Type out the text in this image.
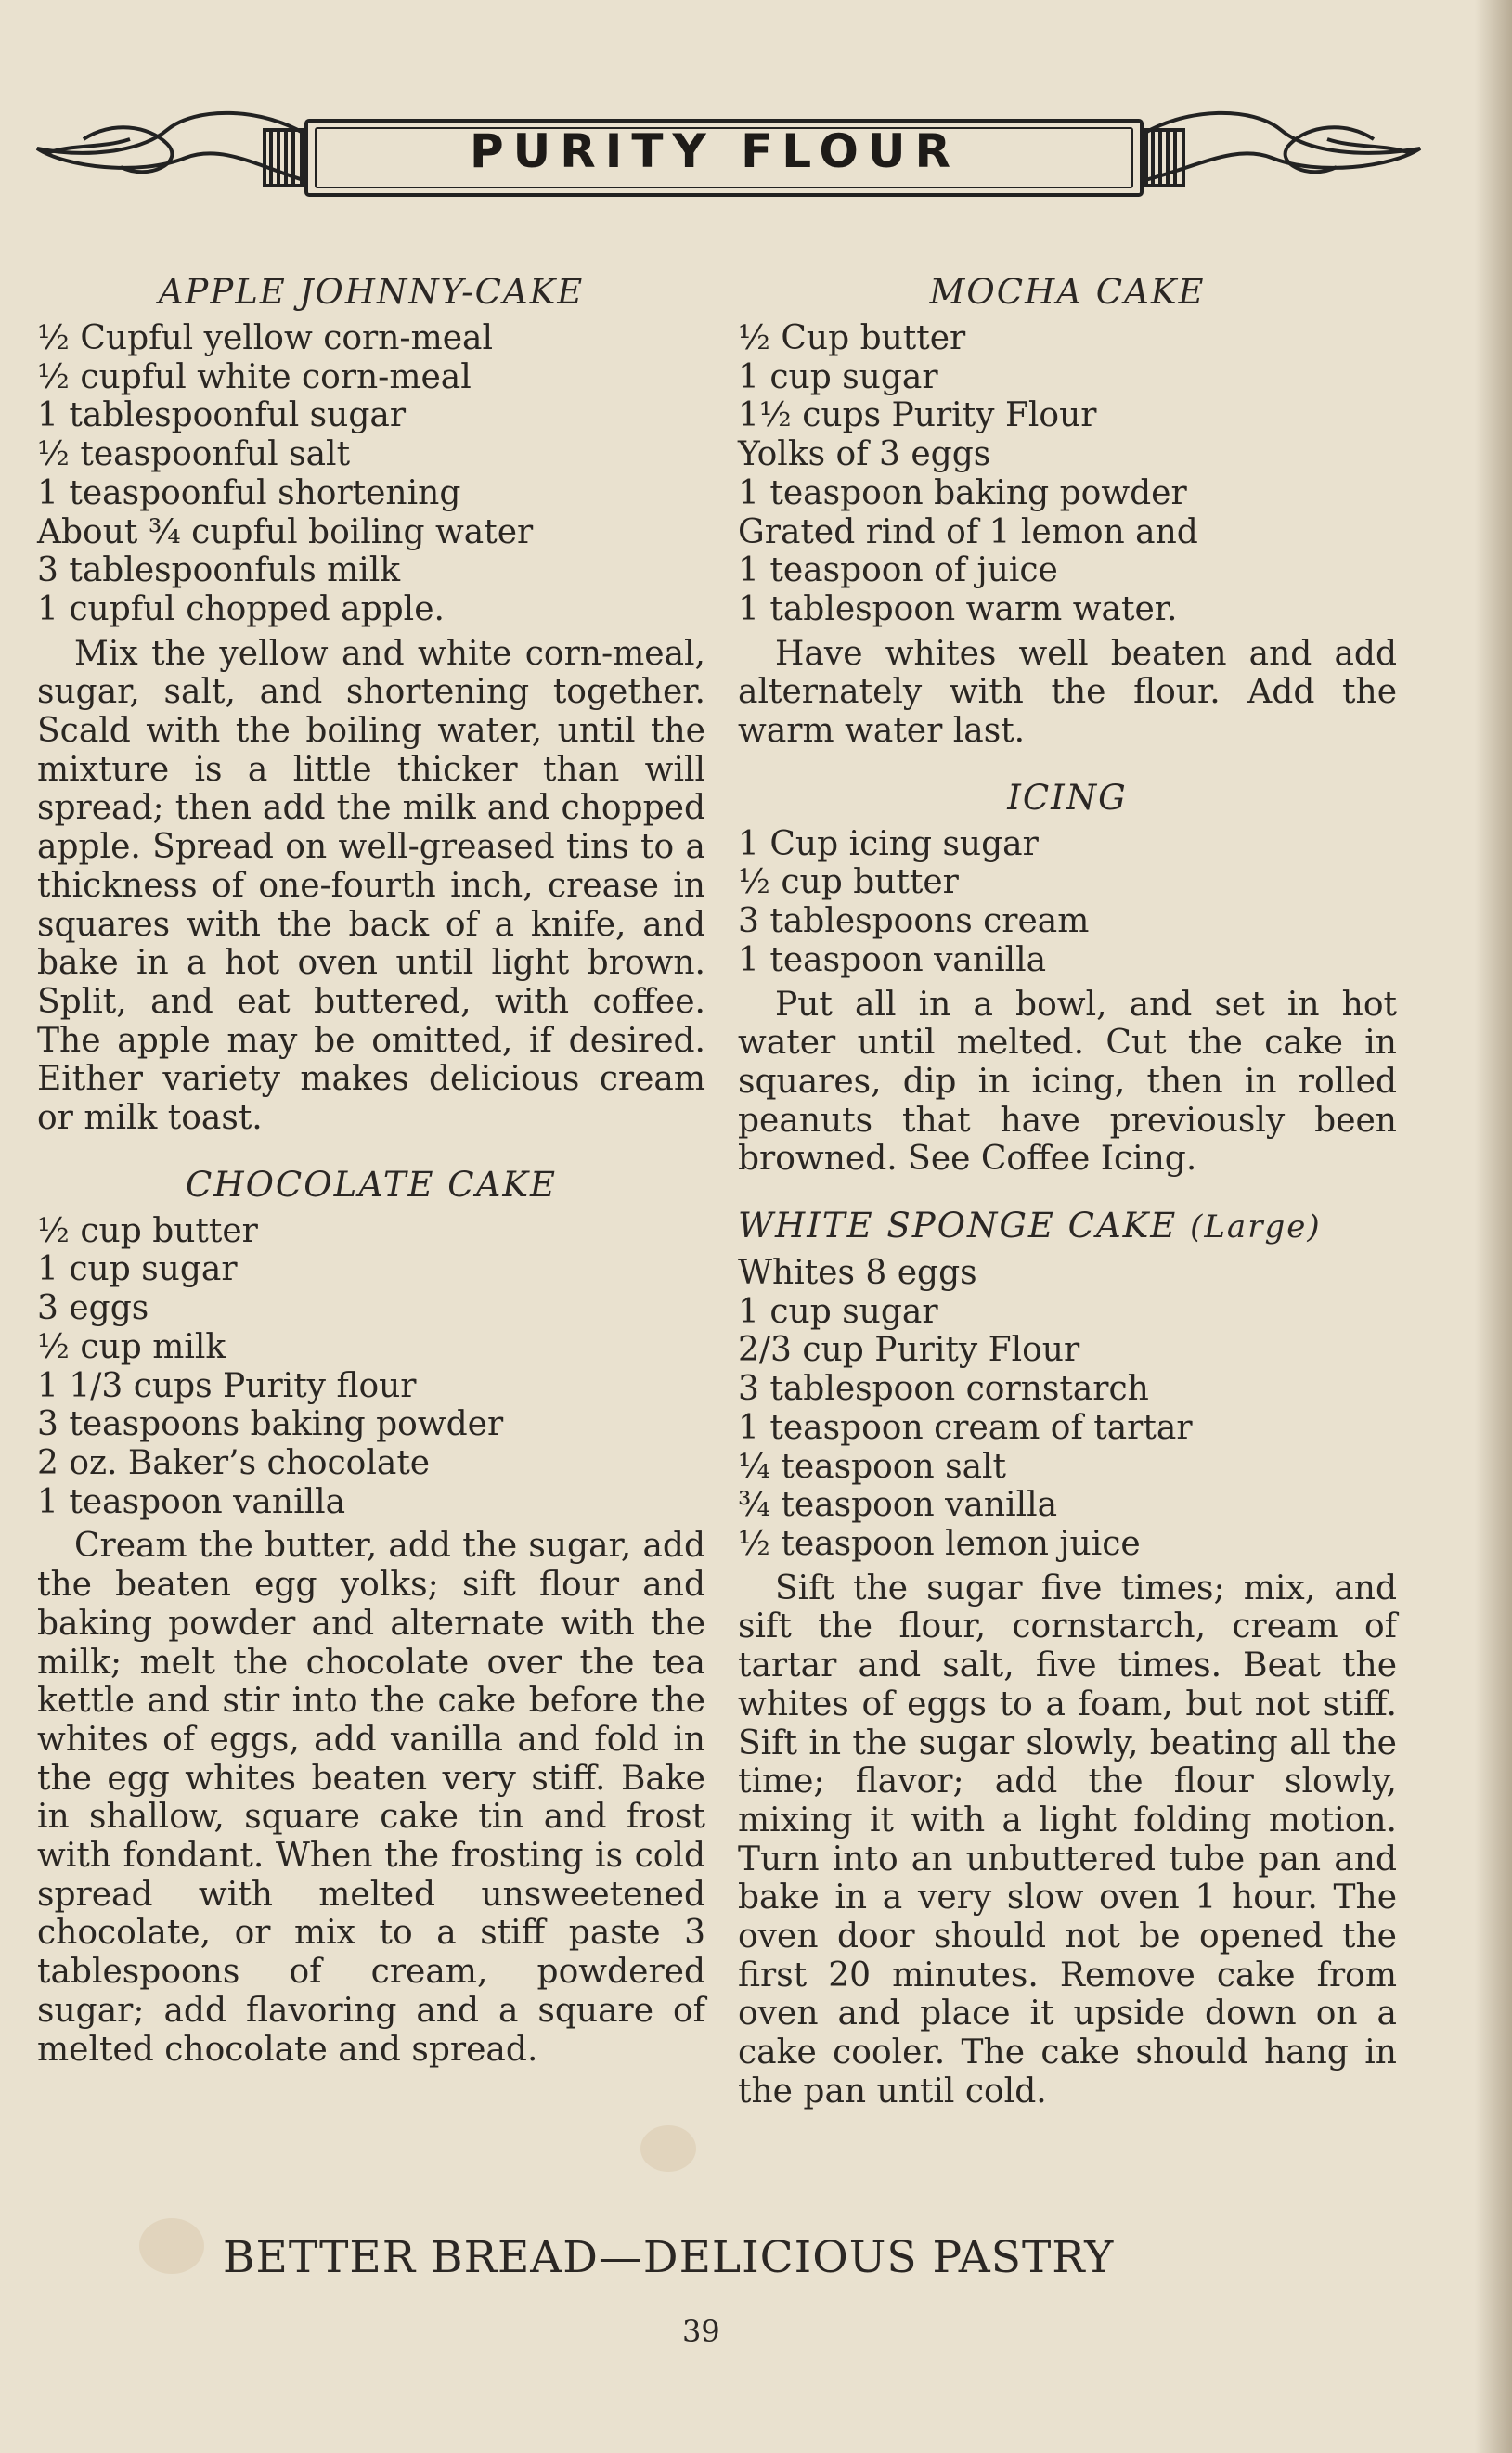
PURITY FLOUR
APPLE JOHNNY-CAKE
½ Cupful yellow corn-meal
½ cupful white corn-meal
1 tablespoonful sugar
½ teaspoonful salt
1 teaspoonful shortening
About ¾ cupful boiling water
3 tablespoonfuls milk
1 cupful chopped apple.

Mix the yellow and white corn-meal, sugar, salt, and shortening together. Scald with the boiling water, until the mixture is a little thicker than will spread; then add the milk and chopped apple. Spread on well-greased tins to a thickness of one-fourth inch, crease in squares with the back of a knife, and bake in a hot oven until light brown. Split, and eat buttered, with coffee. The apple may be omitted, if desired. Either variety makes delicious cream or milk toast.

CHOCOLATE CAKE
½ cup butter
1 cup sugar
3 eggs
½ cup milk
1 1/3 cups Purity flour
3 teaspoons baking powder
2 oz. Baker’s chocolate
1 teaspoon vanilla

Cream the butter, add the sugar, add the beaten egg yolks; sift flour and baking powder and alternate with the milk; melt the chocolate over the tea kettle and stir into the cake before the whites of eggs, add vanilla and fold in the egg whites beaten very stiff. Bake in shallow, square cake tin and frost with fondant. When the frosting is cold spread with melted unsweetened chocolate, or mix to a stiff paste 3 tablespoons of cream, powdered sugar; add flavoring and a square of melted chocolate and spread.

MOCHA CAKE
½ Cup butter
1 cup sugar
1½ cups Purity Flour
Yolks of 3 eggs
1 teaspoon baking powder
Grated rind of 1 lemon and
1 teaspoon of juice
1 tablespoon warm water.

Have whites well beaten and add alternately with the flour. Add the warm water last.

ICING
1 Cup icing sugar
½ cup butter
3 tablespoons cream
1 teaspoon vanilla

Put all in a bowl, and set in hot water until melted. Cut the cake in squares, dip in icing, then in rolled peanuts that have previously been browned. See Coffee Icing.

WHITE SPONGE CAKE (Large)
Whites 8 eggs
1 cup sugar
2/3 cup Purity Flour
3 tablespoon cornstarch
1 teaspoon cream of tartar
¼ teaspoon salt
¾ teaspoon vanilla
½ teaspoon lemon juice

Sift the sugar five times; mix, and sift the flour, cornstarch, cream of tartar and salt, five times. Beat the whites of eggs to a foam, but not stiff. Sift in the sugar slowly, beating all the time; flavor; add the flour slowly, mixing it with a light folding motion. Turn into an unbuttered tube pan and bake in a very slow oven 1 hour. The oven door should not be opened the first 20 minutes. Remove cake from oven and place it upside down on a cake cooler. The cake should hang in the pan until cold.

BETTER BREAD—DELICIOUS PASTRY
39
